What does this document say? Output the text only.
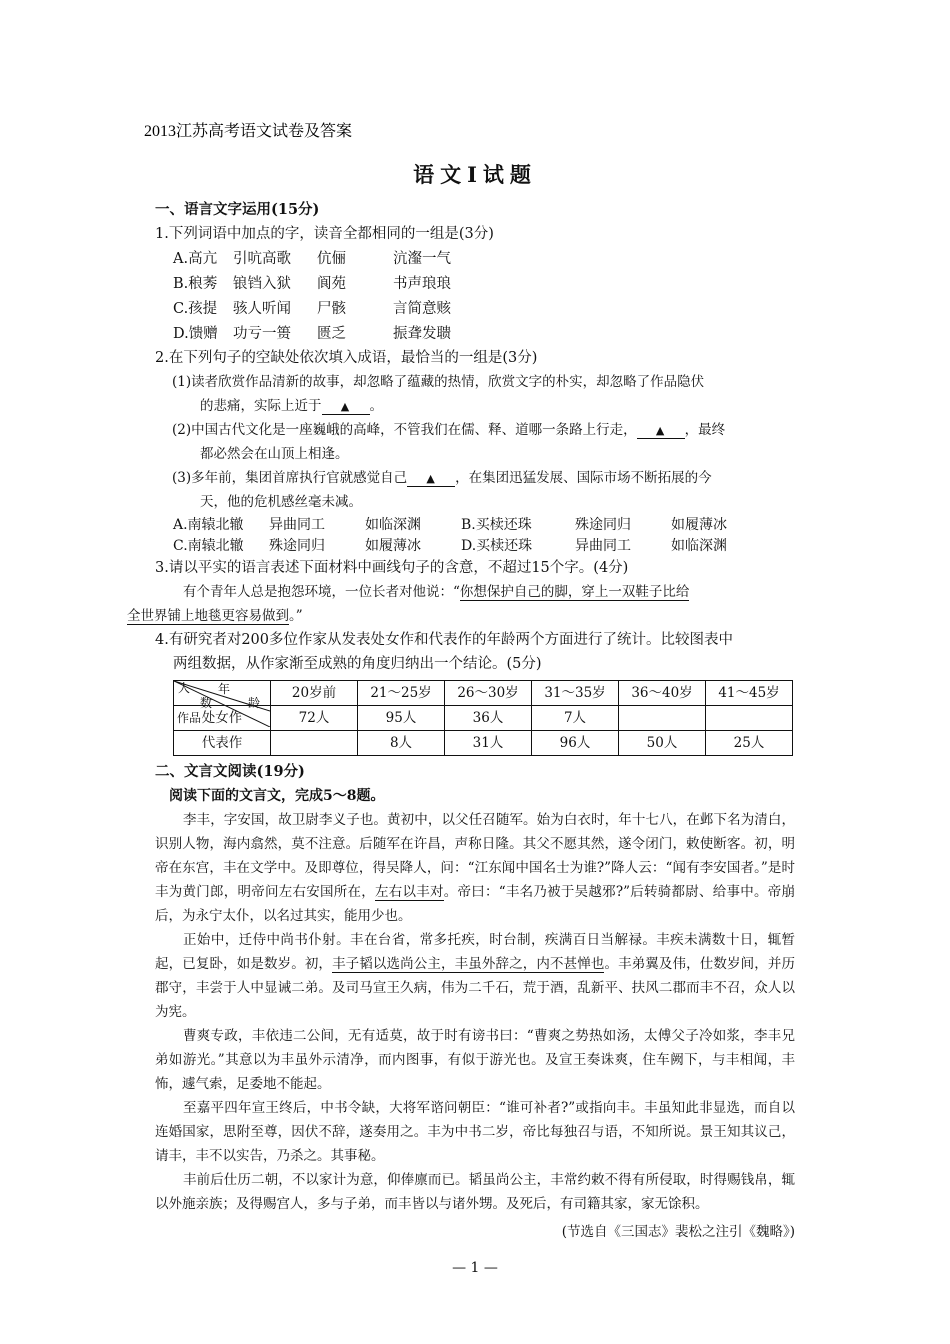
2013江苏高考语文试卷及答案
语文Ⅰ试题
一、语言文字运用(15分)
1.下列词语中加点的字，读音全都相同的一组是(3分)
A.高亢	引吭高歌	伉俪	沆瀣一气
B.稂莠	锒铛入狱	阆苑	书声琅琅
C.孩提	骇人听闻	尸骸	言简意赅
D.馈赠	功亏一篑	匮乏	振聋发聩
2.在下列句子的空缺处依次填入成语，最恰当的一组是(3分)
(1)读者欣赏作品清新的故事，却忽略了蕴藏的热情，欣赏文字的朴实，却忽略了作品隐伏
的悲痛，实际上近于 ▲ 。
(2)中国古代文化是一座巍峨的高峰，不管我们在儒、释、道哪一条路上行走， ▲ ，最终
都必然会在山顶上相逢。
(3)多年前，集团首席执行官就感觉自己 ▲ ，在集团迅猛发展、国际市场不断拓展的今
天，他的危机感丝毫未减。
A.南辕北辙	异曲同工	如临深渊	B.买椟还珠	殊途同归	如履薄冰
C.南辕北辙	殊途同归	如履薄冰	D.买椟还珠	异曲同工	如临深渊
3.请以平实的语言表述下面材料中画线句子的含意，不超过15个字。(4分)
有个青年人总是抱怨环境，一位长者对他说：“你想保护自己的脚，穿上一双鞋子比给
全世界铺上地毯更容易做到。”
4.有研究者对200多位作家从发表处女作和代表作的年龄两个方面进行了统计。比较图表中
两组数据，从作家渐至成熟的角度归纳出一个结论。(5分)
人 年
数 龄
作品	20岁前	21～25岁	26～30岁	31～35岁	36～40岁	41～45岁
处女作	72人	95人	36人	7人		
代表作		8人	31人	96人	50人	25人
二、文言文阅读(19分)
阅读下面的文言文，完成5～8题。
李丰，字安国，故卫尉李义子也。黄初中，以父任召随军。始为白衣时，年十七八，在邺下名为清白，识别人物，海内翕然，莫不注意。后随军在许昌，声称日隆。其父不愿其然，遂令闭门，敕使断客。初，明帝在东宫，丰在文学中。及即尊位，得吴降人，问：“江东闻中国名士为谁?”降人云：“闻有李安国者。”是时丰为黄门郎，明帝问左右安国所在，左右以丰对。帝曰：“丰名乃被于吴越邪?”后转骑都尉、给事中。帝崩后，为永宁太仆，以名过其实，能用少也。
正始中，迁侍中尚书仆射。丰在台省，常多托疾，时台制，疾满百日当解禄。丰疾未满数十日，辄暂起，已复卧，如是数岁。初，丰子韬以选尚公主，丰虽外辞之，内不甚惮也。丰弟翼及伟，仕数岁间，并历郡守，丰尝于人中显诫二弟。及司马宣王久病，伟为二千石，荒于酒，乱新平、扶风二郡而丰不召，众人以为宪。
曹爽专政，丰依违二公间，无有适莫，故于时有谤书曰：“曹爽之势热如汤，太傅父子冷如浆，李丰兄弟如游光。”其意以为丰虽外示清净，而内图事，有似于游光也。及宣王奏诛爽，住车阙下，与丰相闻，丰怖，遽气索，足委地不能起。
至嘉平四年宣王终后，中书令缺，大将军谘问朝臣：“谁可补者?”或指向丰。丰虽知此非显选，而自以连婚国家，思附至尊，因伏不辞，遂奏用之。丰为中书二岁，帝比每独召与语，不知所说。景王知其议己，请丰，丰不以实告，乃杀之。其事秘。
丰前后仕历二朝，不以家计为意，仰俸廪而已。韬虽尚公主，丰常约敕不得有所侵取，时得赐钱帛，辄以外施亲族；及得赐宫人，多与子弟，而丰皆以与诸外甥。及死后，有司籍其家，家无馀积。
(节选自《三国志》裴松之注引《魏略》)
— 1 —
